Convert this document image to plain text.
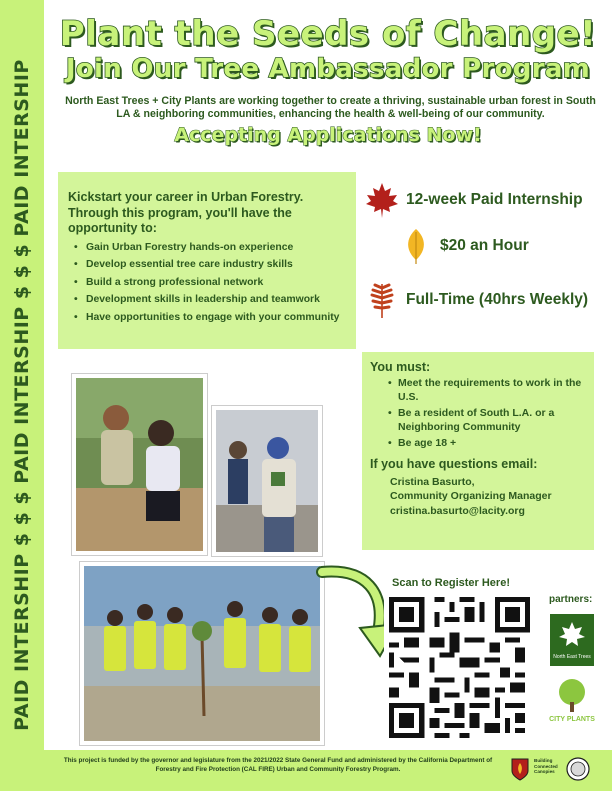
PAID INTERSHIP $ $ $ PAID INTERSHIP $ $ $ PAID INTERSHIP
Plant the Seeds of Change!
Join Our Tree Ambassador Program
North East Trees + City Plants are working together to create a thriving, sustainable urban forest in South LA & neighboring communities, enhancing the health & well-being of our community.
Accepting Applications Now!
Kickstart your career in Urban Forestry. Through this program, you'll have the opportunity to:
• Gain Urban Forestry hands-on experience
• Develop essential tree care industry skills
• Build a strong professional network
• Development skills in leadership and teamwork
• Have opportunities to engage with your community
12-week Paid Internship
$20 an Hour
Full-Time (40hrs Weekly)
You must:
• Meet the requirements to work in the U.S.
• Be a resident of South L.A. or a Neighboring Community
• Be age 18 +
If you have questions email:
Cristina Basurto,
Community Organizing Manager
cristina.basurto@lacity.org
Scan to Register Here!
partners:
North East Trees
CITY PLANTS
This project is funded by the governor and legislature from the 2021/2022 State General Fund and administered by the California Department of Forestry and Fire Protection (CAL FIRE) Urban and Community Forestry Program.
Building Connected Canopies
